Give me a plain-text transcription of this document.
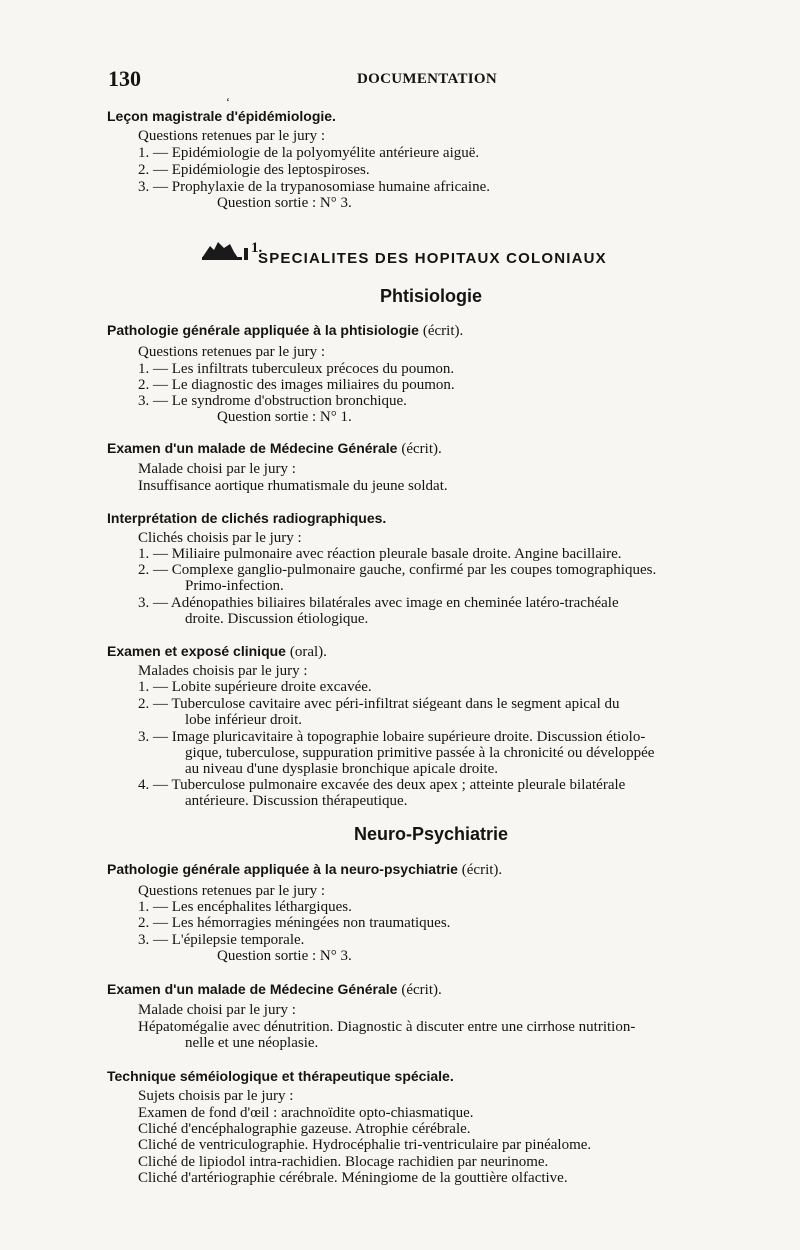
130	DOCUMENTATION
‘
Leçon magistrale d'épidémiologie.
Questions retenues par le jury :
1. — Epidémiologie de la polyomyélite antérieure aiguë.
2. — Epidémiologie des leptospiroses.
3. — Prophylaxie de la trypanosomiase humaine africaine.
Question sortie : N° 3.
1.
SPECIALITES DES HOPITAUX COLONIAUX
Phtisiologie
Pathologie générale appliquée à la phtisiologie (écrit).
Questions retenues par le jury :
1. — Les infiltrats tuberculeux précoces du poumon.
2. — Le diagnostic des images miliaires du poumon.
3. — Le syndrome d'obstruction bronchique.
Question sortie : N° 1.
Examen d'un malade de Médecine Générale (écrit).
Malade choisi par le jury :
Insuffisance aortique rhumatismale du jeune soldat.
Interprétation de clichés radiographiques.
Clichés choisis par le jury :
1. — Miliaire pulmonaire avec réaction pleurale basale droite. Angine bacillaire.
2. — Complexe ganglio-pulmonaire gauche, confirmé par les coupes tomographiques.
Primo-infection.
3. — Adénopathies biliaires bilatérales avec image en cheminée latéro-trachéale
droite. Discussion étiologique.
Examen et exposé clinique (oral).
Malades choisis par le jury :
1. — Lobite supérieure droite excavée.
2. — Tuberculose cavitaire avec péri-infiltrat siégeant dans le segment apical du
lobe inférieur droit.
3. — Image pluricavitaire à topographie lobaire supérieure droite. Discussion étiolo-
gique, tuberculose, suppuration primitive passée à la chronicité ou développée
au niveau d'une dysplasie bronchique apicale droite.
4. — Tuberculose pulmonaire excavée des deux apex ; atteinte pleurale bilatérale
antérieure. Discussion thérapeutique.
Neuro-Psychiatrie
Pathologie générale appliquée à la neuro-psychiatrie (écrit).
Questions retenues par le jury :
1. — Les encéphalites léthargiques.
2. — Les hémorragies méningées non traumatiques.
3. — L'épilepsie temporale.
Question sortie : N° 3.
Examen d'un malade de Médecine Générale (écrit).
Malade choisi par le jury :
Hépatomégalie avec dénutrition. Diagnostic à discuter entre une cirrhose nutrition-
nelle et une néoplasie.
Technique séméiologique et thérapeutique spéciale.
Sujets choisis par le jury :
Examen de fond d'œil : arachnoïdite opto-chiasmatique.
Cliché d'encéphalographie gazeuse. Atrophie cérébrale.
Cliché de ventriculographie. Hydrocéphalie tri-ventriculaire par pinéalome.
Cliché de lipiodol intra-rachidien. Blocage rachidien par neurinome.
Cliché d'artériographie cérébrale. Méningiome de la gouttière olfactive.
